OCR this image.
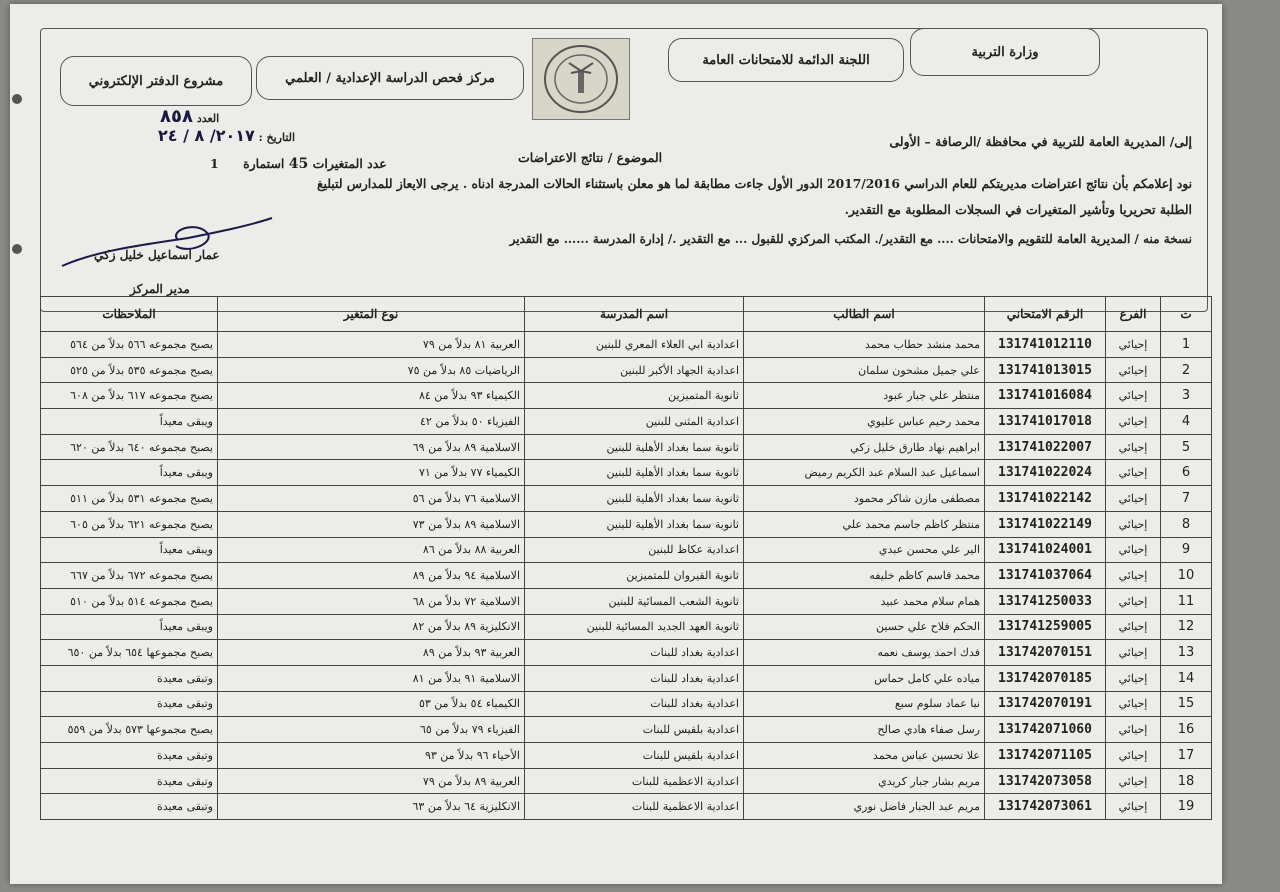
وزارة التربية
اللجنة الدائمة للامتحانات العامة
مركز فحص الدراسة الإعدادية / العلمي
مشروع الدفتر الإلكتروني
العدد ٨٥٨
التاريخ : ٢٠١٧/ ٨ / ٢٤	إلى/ المديرية العامة للتربية في محافظة /الرصافة – الأولى
الموضوع / نتائج الاعتراضات
عدد المتغيرات 45 استمارة 1
نود إعلامكم بأن نتائج اعتراضات مديريتكم للعام الدراسي 2017/2016 الدور الأول جاءت مطابقة لما هو معلن باستثناء الحالات المدرجة ادناه . يرجى الايعاز للمدارس لتبليغ
الطلبة تحريريا وتأشير المتغيرات في السجلات المطلوبة مع التقدير.
نسخة منه / المديرية العامة للتقويم والامتحانات .... مع التقدير/. المكتب المركزي للقبول ... مع التقدير ./ إدارة المدرسة ...... مع التقدير
عمار اسماعيل خليل زكي
مدير المركز
ت	الفرع	الرقم الامتحاني	اسم الطالب	اسم المدرسة	نوع المتغير	الملاحظات
1	إحيائي	131741012110	محمد منشد حطاب محمد	اعدادية ابي العلاء المعري للبنين	العربية ٨١ بدلاً من ٧٩	يصبح مجموعه ٥٦٦ بدلاً من ٥٦٤
2	إحيائي	131741013015	علي جميل مشحون سلمان	اعدادية الجهاد الأكبر للبنين	الرياضيات ٨٥ بدلاً من ٧٥	يصبح مجموعه ٥٣٥ بدلاً من ٥٢٥
3	إحيائي	131741016084	منتظر علي جبار عبود	ثانوية المتميزين	الكيمياء ٩٣ بدلاً من ٨٤	يصبح مجموعه ٦١٧ بدلاً من ٦٠٨
4	إحيائي	131741017018	محمد رحيم عباس عليوي	اعدادية المثنى للبنين	الفيزياء ٥٠ بدلاً من ٤٢	ويبقى معيداً
5	إحيائي	131741022007	ابراهيم نهاد طارق خليل زكي	ثانوية سما بغداد الأهلية للبنين	الاسلامية ٨٩ بدلاً من ٦٩	يصبح مجموعه ٦٤٠ بدلاً من ٦٢٠
6	إحيائي	131741022024	اسماعيل عبد السلام عبد الكريم رميض	ثانوية سما بغداد الأهلية للبنين	الكيمياء ٧٧ بدلاً من ٧١	ويبقى معيداً
7	إحيائي	131741022142	مصطفى مازن شاكر محمود	ثانوية سما بغداد الأهلية للبنين	الاسلامية ٧٦ بدلاً من ٥٦	يصبح مجموعه ٥٣١ بدلاً من ٥١١
8	إحيائي	131741022149	منتظر كاظم جاسم محمد علي	ثانوية سما بغداد الأهلية للبنين	الاسلامية ٨٩ بدلاً من ٧٣	يصبح مجموعه ٦٢١ بدلاً من ٦٠٥
9	إحيائي	131741024001	الير علي محسن عبدي	اعدادية عكاظ للبنين	العربية ٨٨ بدلاً من ٨٦	ويبقى معيداً
10	إحيائي	131741037064	محمد قاسم كاظم خليفه	ثانوية القيروان للمتميزين	الاسلامية ٩٤ بدلاً من ٨٩	يصبح مجموعه ٦٧٢ بدلاً من ٦٦٧
11	إحيائي	131741250033	همام سلام محمد عبيد	ثانوية الشعب المسائية للبنين	الاسلامية ٧٢ بدلاً من ٦٨	يصبح مجموعه ٥١٤ بدلاً من ٥١٠
12	إحيائي	131741259005	الحكم فلاح علي حسين	ثانوية العهد الجديد المسائية للبنين	الانكليزية ٨٩ بدلاً من ٨٢	ويبقى معيداً
13	إحيائي	131742070151	فدك احمد يوسف نعمه	اعدادية بغداد للبنات	العربية ٩٣ بدلاً من ٨٩	يصبح مجموعها ٦٥٤ بدلاً من ٦٥٠
14	إحيائي	131742070185	مياده علي كامل حماس	اعدادية بغداد للبنات	الاسلامية ٩١ بدلاً من ٨١	وتبقى معيدة
15	إحيائي	131742070191	نبا عماد سلوم سبع	اعدادية بغداد للبنات	الكيمياء ٥٤ بدلاً من ٥٣	وتبقى معيدة
16	إحيائي	131742071060	رسل صفاء هادي صالح	اعدادية بلقيس للبنات	الفيزياء ٧٩ بدلاً من ٦٥	يصبح مجموعها ٥٧٣ بدلاً من ٥٥٩
17	إحيائي	131742071105	علا تحسين عباس محمد	اعدادية بلقيس للبنات	الأحياء ٩٦ بدلاً من ٩٣	وتبقى معيدة
18	إحيائي	131742073058	مريم بشار جبار كريدي	اعدادية الاعظمية للبنات	العربية ٨٩ بدلاً من ٧٩	وتبقى معيدة
19	إحيائي	131742073061	مريم عبد الجبار فاضل نوري	اعدادية الاعظمية للبنات	الانكليزية ٦٤ بدلاً من ٦٣	وتبقى معيدة
